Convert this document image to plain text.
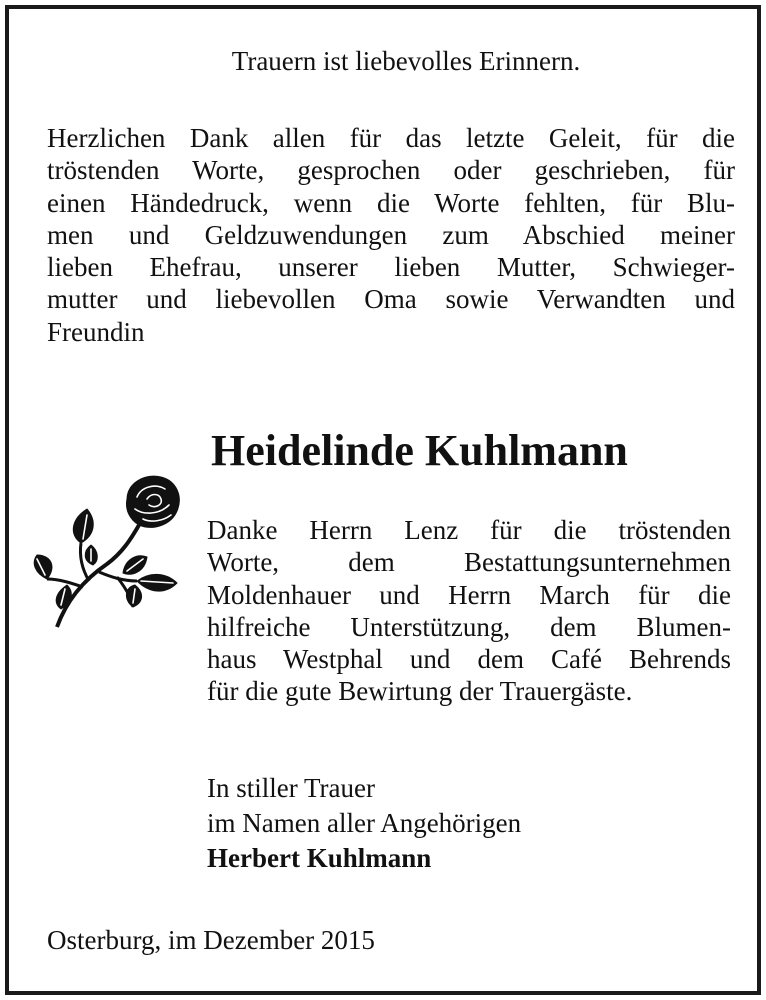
Trauern ist liebevolles Erinnern.
Herzlichen Dank allen für das letzte Geleit, für die
tröstenden Worte, gesprochen oder geschrieben, für
einen Händedruck, wenn die Worte fehlten, für Blu-
men und Geldzuwendungen zum Abschied meiner
lieben Ehefrau, unserer lieben Mutter, Schwieger-
mutter und liebevollen Oma sowie Verwandten und
Freundin
Heidelinde Kuhlmann
Danke Herrn Lenz für die tröstenden
Worte, dem Bestattungsunternehmen
Moldenhauer und Herrn March für die
hilfreiche Unterstützung, dem Blumen-
haus Westphal und dem Café Behrends
für die gute Bewirtung der Trauergäste.
In stiller Trauer
im Namen aller Angehörigen
Herbert Kuhlmann
Osterburg, im Dezember 2015
